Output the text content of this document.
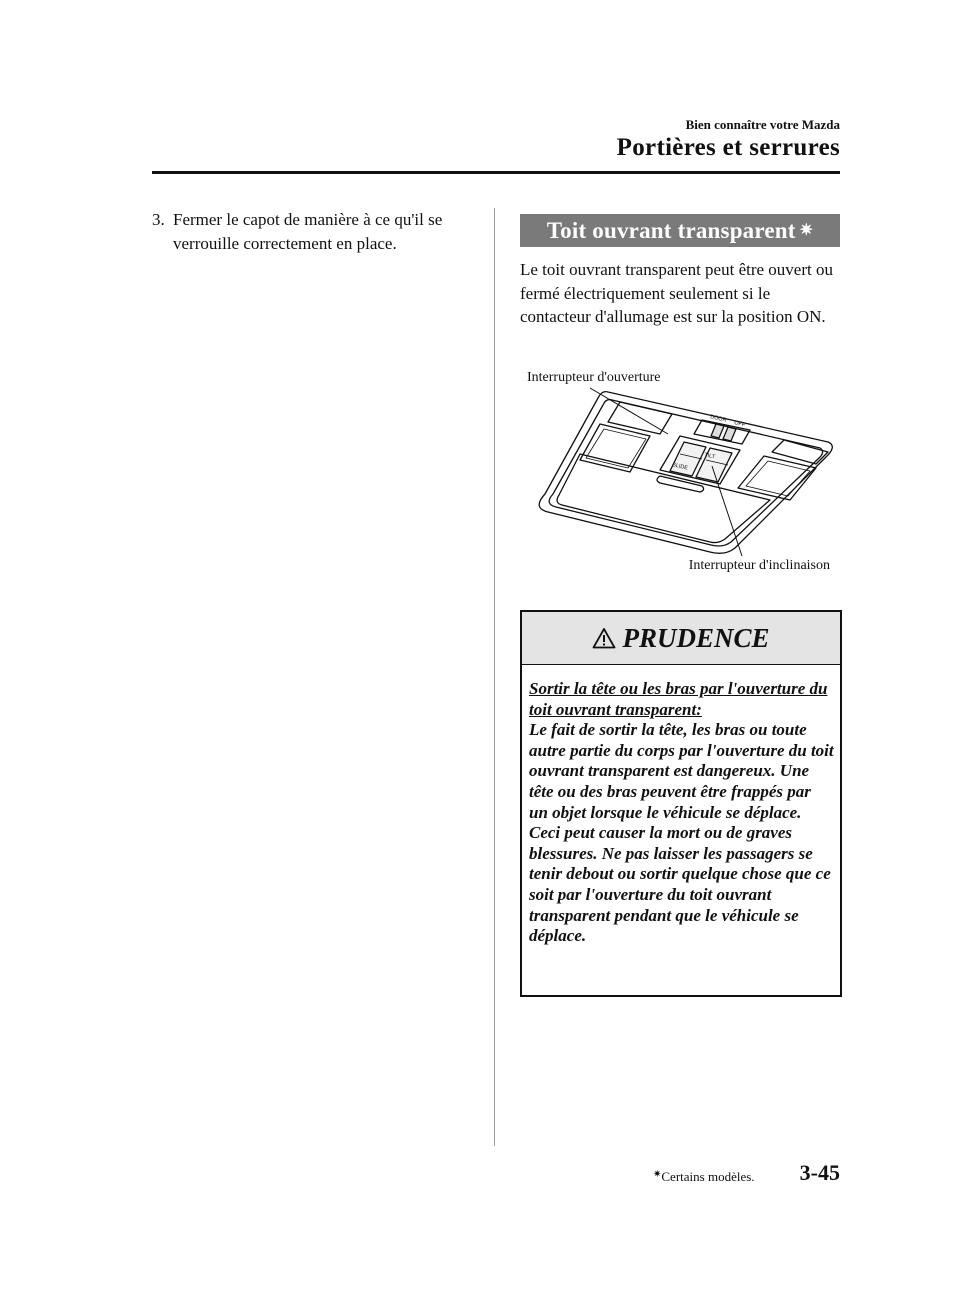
Bien connaître votre Mazda
Portières et serrures
3. Fermer le capot de manière à ce qu'il se verrouille correctement en place.
Toit ouvrant transparent ✷
Le toit ouvrant transparent peut être ouvert ou fermé électriquement seulement si le contacteur d'allumage est sur la position ON.
DOOR
OFF
SLIDE
TILT
Interrupteur d'ouverture
Interrupteur d'inclinaison
PRUDENCE
Sortir la tête ou les bras par l'ouverture du toit ouvrant transparent:
Le fait de sortir la tête, les bras ou toute autre partie du corps par l'ouverture du toit ouvrant transparent est dangereux. Une tête ou des bras peuvent être frappés par un objet lorsque le véhicule se déplace. Ceci peut causer la mort ou de graves blessures. Ne pas laisser les passagers se tenir debout ou sortir quelque chose que ce soit par l'ouverture du toit ouvrant transparent pendant que le véhicule se déplace.
✷Certains modèles. 3-45
